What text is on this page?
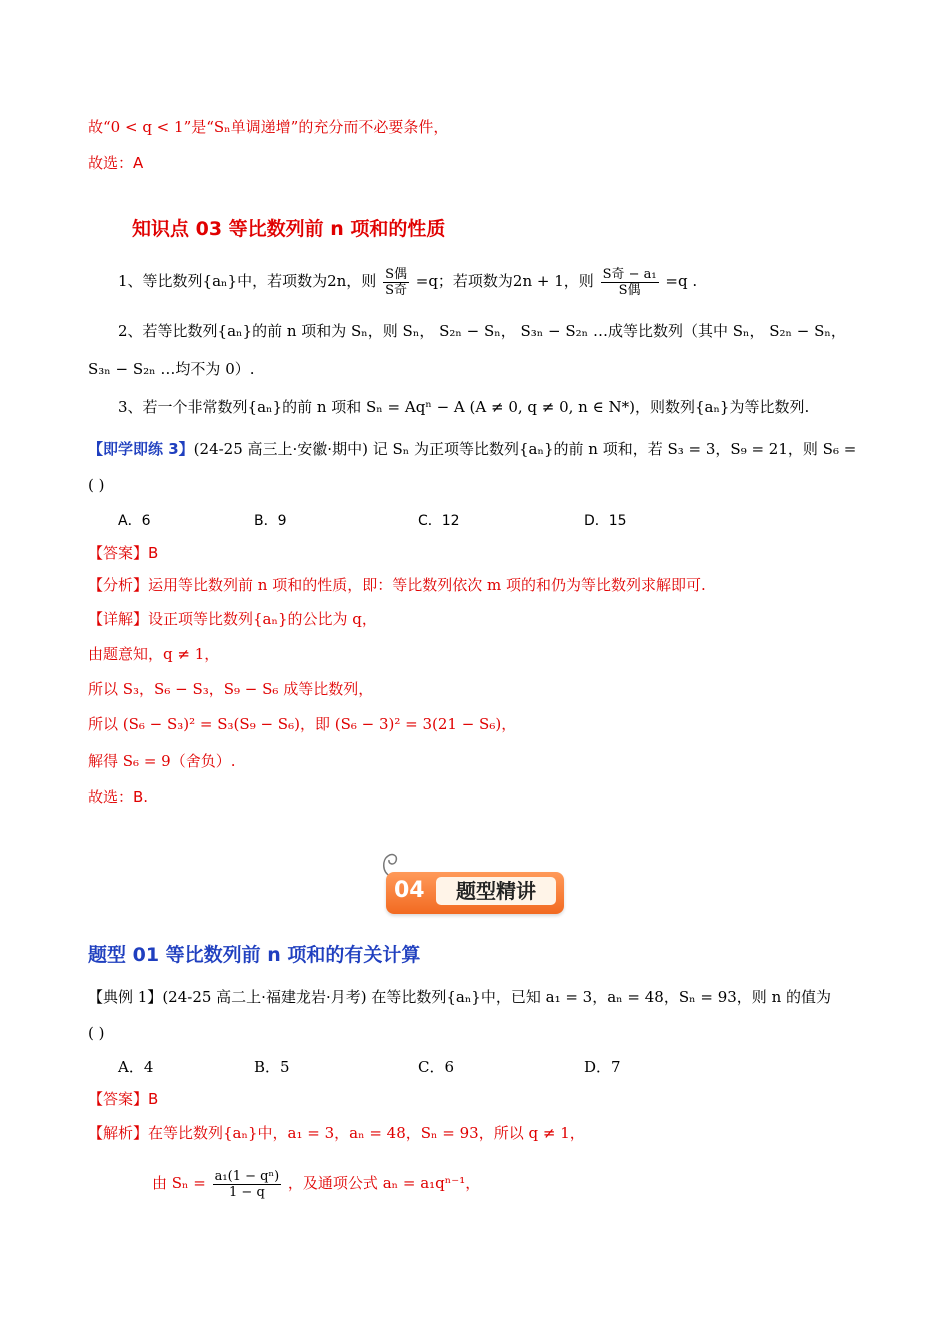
故“0 < q < 1”是“Sₙ单调递增”的充分而不必要条件，
故选：A
知识点 03 等比数列前 n 项和的性质
1、等比数列{aₙ}中，若项数为2n，则 $\frac{\text{S偶}}{\text{S奇}} =q$；若项数为2n + 1，则 $\frac{\text{S奇 − a₁}}{\text{S偶}} =q$ .
2、若等比数列{aₙ}的前 n 项和为 Sₙ，则 Sₙ， S₂ₙ − Sₙ， S₃ₙ − S₂ₙ …成等比数列（其中 Sₙ， S₂ₙ − Sₙ，
S₃ₙ − S₂ₙ …均不为 0）.
3、若一个非常数列{aₙ}的前 n 项和 Sₙ = Aqⁿ − A (A ≠ 0, q ≠ 0, n ∈ N*)，则数列{aₙ}为等比数列.
【即学即练 3】(24-25 高三上·安徽·期中) 记 Sₙ 为正项等比数列{aₙ}的前 n 项和，若 S₃ = 3，S₉ = 21，则 S₆ =
( )
A．6	B．9	C．12	D．15
【答案】B
【分析】运用等比数列前 n 项和的性质，即：等比数列依次 m 项的和仍为等比数列求解即可.
【详解】设正项等比数列{aₙ}的公比为 q，
由题意知，q ≠ 1，
所以 S₃，S₆ − S₃，S₉ − S₆ 成等比数列，
所以 (S₆ − S₃)² = S₃(S₉ − S₆)，即 (S₆ − 3)² = 3(21 − S₆)，
解得 S₆ = 9（舍负）.
故选：B.
04	题型精讲
题型 01 等比数列前 n 项和的有关计算
【典例 1】(24-25 高二上·福建龙岩·月考) 在等比数列{aₙ}中，已知 a₁ = 3，aₙ = 48，Sₙ = 93，则 n 的值为
( )
A．4	B．5	C．6	D．7
【答案】B
【解析】在等比数列{aₙ}中，a₁ = 3，aₙ = 48，Sₙ = 93，所以 q ≠ 1，
由 $S_n = \frac{\text{a₁(1 − qⁿ)}}{1 - q}$ ，及通项公式 aₙ = a₁qⁿ⁻¹，
